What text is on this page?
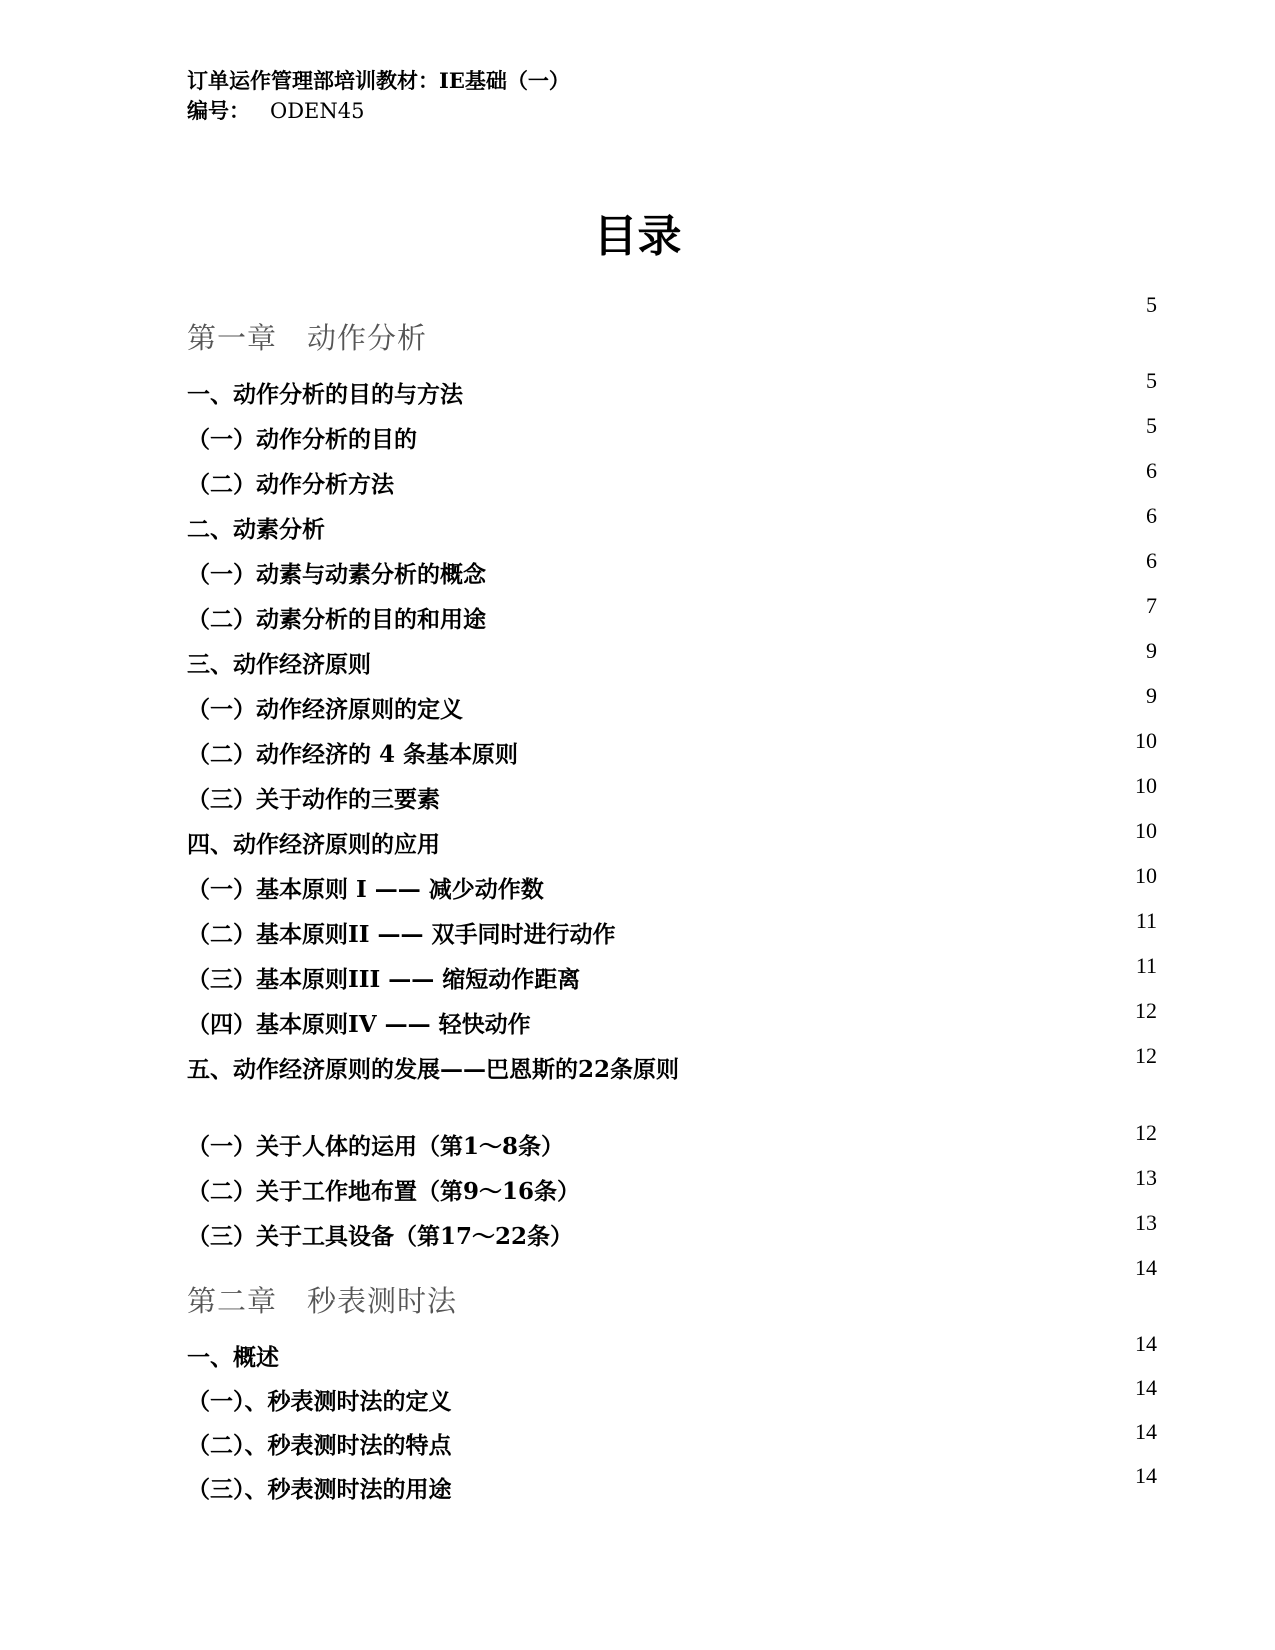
订单运作管理部培训教材：IE基础（一）
编号： ODEN45
目录
第一章　动作分析
5
一、动作分析的目的与方法
5
（一）动作分析的目的
5
（二）动作分析方法
6
二、动素分析
6
（一）动素与动素分析的概念
6
（二）动素分析的目的和用途
7
三、动作经济原则
9
（一）动作经济原则的定义
9
（二）动作经济的 4 条基本原则
10
（三）关于动作的三要素
10
四、动作经济原则的应用
10
（一）基本原则 I —— 减少动作数
10
（二）基本原则II —— 双手同时进行动作
11
（三）基本原则III —— 缩短动作距离
11
（四）基本原则IV —— 轻快动作
12
五、动作经济原则的发展——巴恩斯的22条原则
12
（一）关于人体的运用（第1～8条）
12
（二）关于工作地布置（第9～16条）
13
（三）关于工具设备（第17～22条）
13
第二章　秒表测时法
14
一、概述
14
（一）、秒表测时法的定义
14
（二）、秒表测时法的特点
14
（三）、秒表测时法的用途
14
